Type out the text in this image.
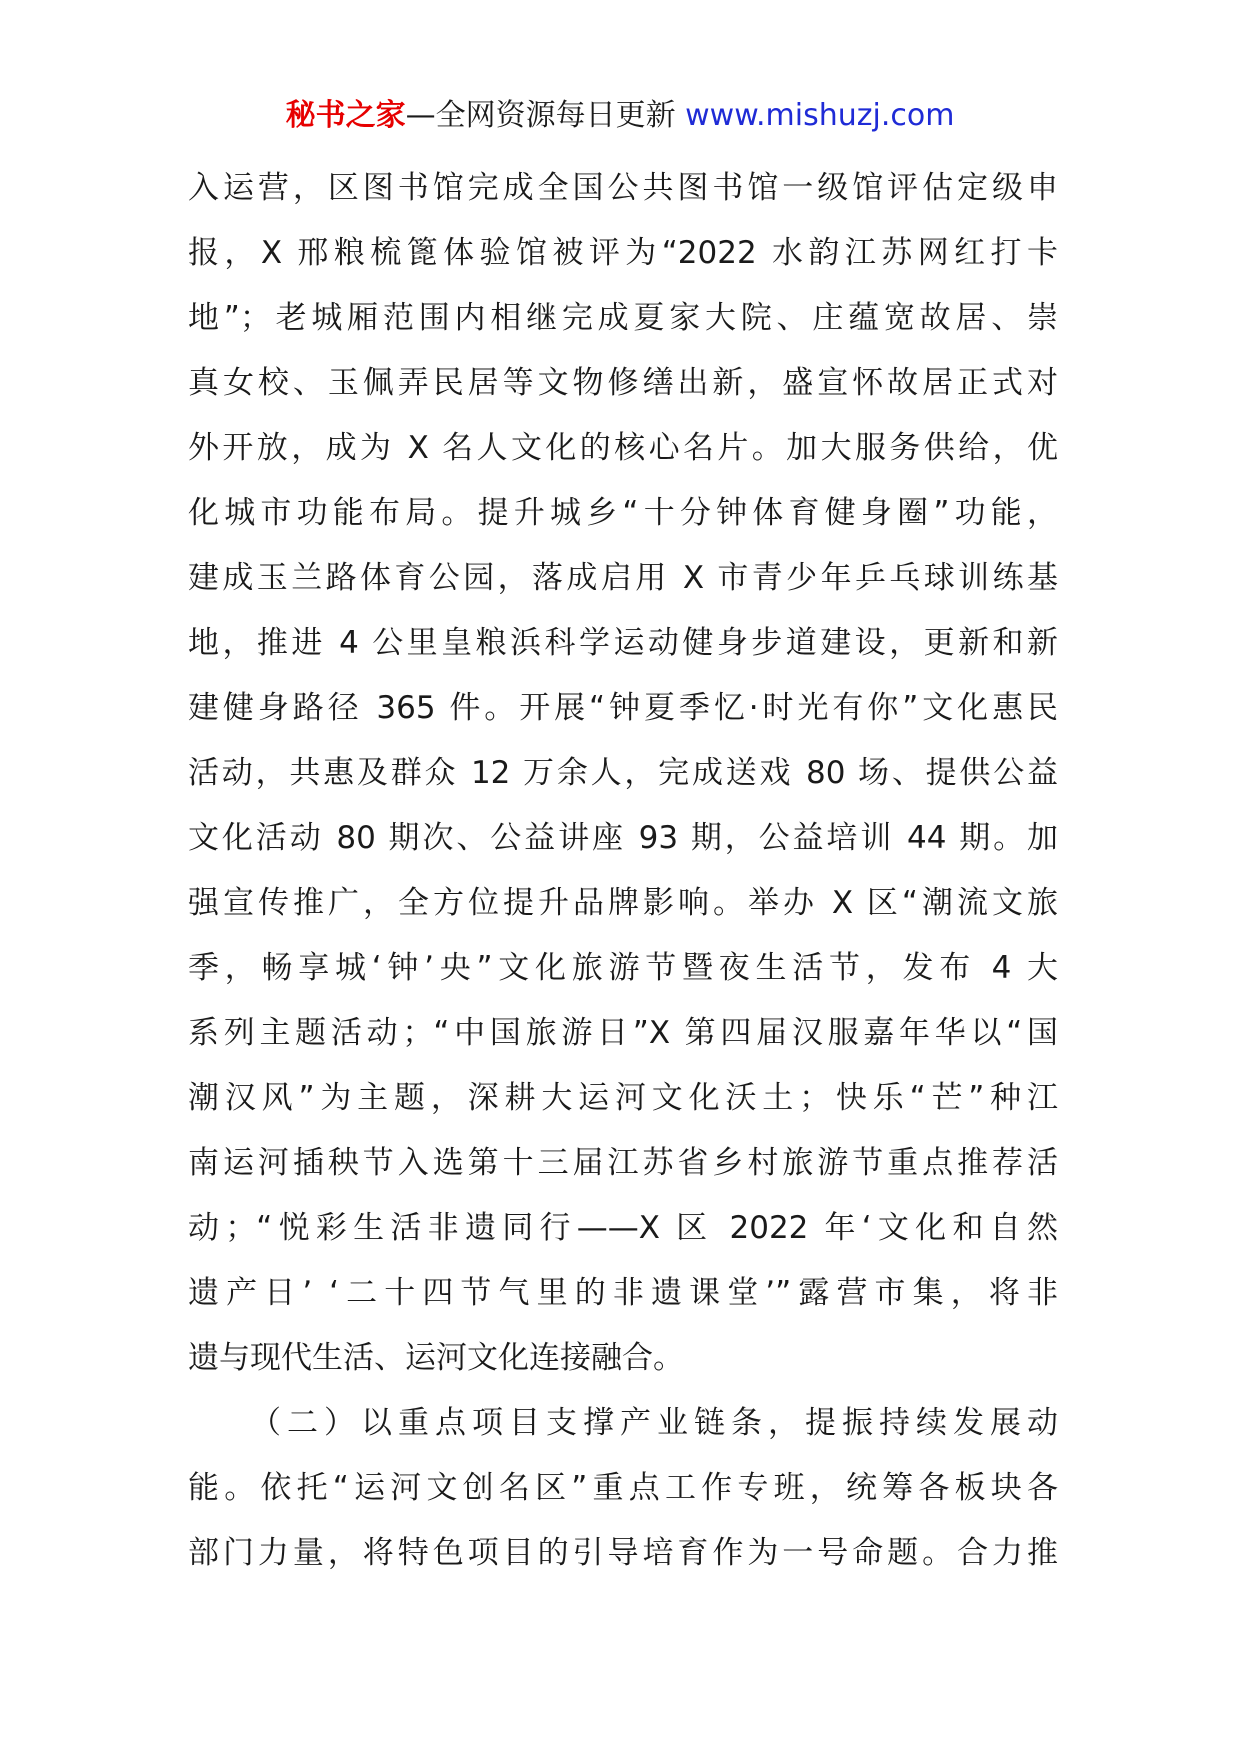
秘书之家—全网资源每日更新 www.mishuzj.com
入运营，区图书馆完成全国公共图书馆一级馆评估定级申
报，X 邢粮梳篦体验馆被评为“2022 水韵江苏网红打卡
地”；老城厢范围内相继完成夏家大院、庄蕴宽故居、崇
真女校、玉佩弄民居等文物修缮出新，盛宣怀故居正式对
外开放，成为 X 名人文化的核心名片。加大服务供给，优
化城市功能布局。提升城乡“十分钟体育健身圈”功能，
建成玉兰路体育公园，落成启用 X 市青少年乒乓球训练基
地，推进 4 公里皇粮浜科学运动健身步道建设，更新和新
建健身路径 365 件。开展“钟夏季忆·时光有你”文化惠民
活动，共惠及群众 12 万余人，完成送戏 80 场、提供公益
文化活动 80 期次、公益讲座 93 期，公益培训 44 期。加
强宣传推广，全方位提升品牌影响。举办 X 区“潮流文旅
季，畅享城‘钟’央”文化旅游节暨夜生活节，发布 4 大
系列主题活动；“中国旅游日”X 第四届汉服嘉年华以“国
潮汉风”为主题，深耕大运河文化沃土；快乐“芒”种江
南运河插秧节入选第十三届江苏省乡村旅游节重点推荐活
动；“悦彩生活非遗同行——X 区 2022 年‘文化和自然
遗产日’ ‘二十四节气里的非遗课堂’”露营市集，将非
遗与现代生活、运河文化连接融合。
（二）以重点项目支撑产业链条，提振持续发展动
能。依托“运河文创名区”重点工作专班，统筹各板块各
部门力量，将特色项目的引导培育作为一号命题。合力推
